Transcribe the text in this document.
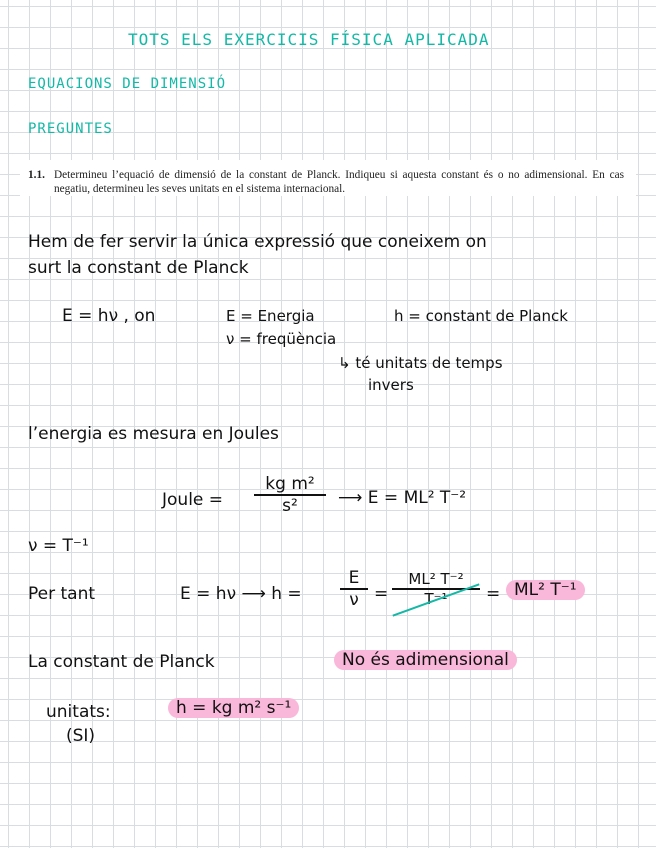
TOTS ELS EXERCICIS FÍSICA APLICADA
EQUACIONS DE DIMENSIÓ
PREGUNTES
1.1. Determineu l’equació de dimensió de la constant de Planck. Indiqueu si aquesta constant és o no adimensional. En cas negatiu, determineu les seves unitats en el sistema internacional.
Hem de fer servir la única expressió que coneixem on
surt la constant de Planck
E = hν , on	E = Energia	h = constant de Planck
ν = freqüència
↳ té unitats de temps
invers
l’energia es mesura en Joules
Joule = $\frac{\text{kg m²}}{\text{s²}}$ ⟶ E = ML² T⁻²
ν = T⁻¹
Per tant	E = hν ⟶ $h = \frac{E}{\nu} = \frac{\text{ML² T⁻²}}{\text{T⁻¹}} = ML^2$ T⁻¹
La constant de Planck	No és adimensional
unitats:
(SI)
h = kg m² s⁻¹
